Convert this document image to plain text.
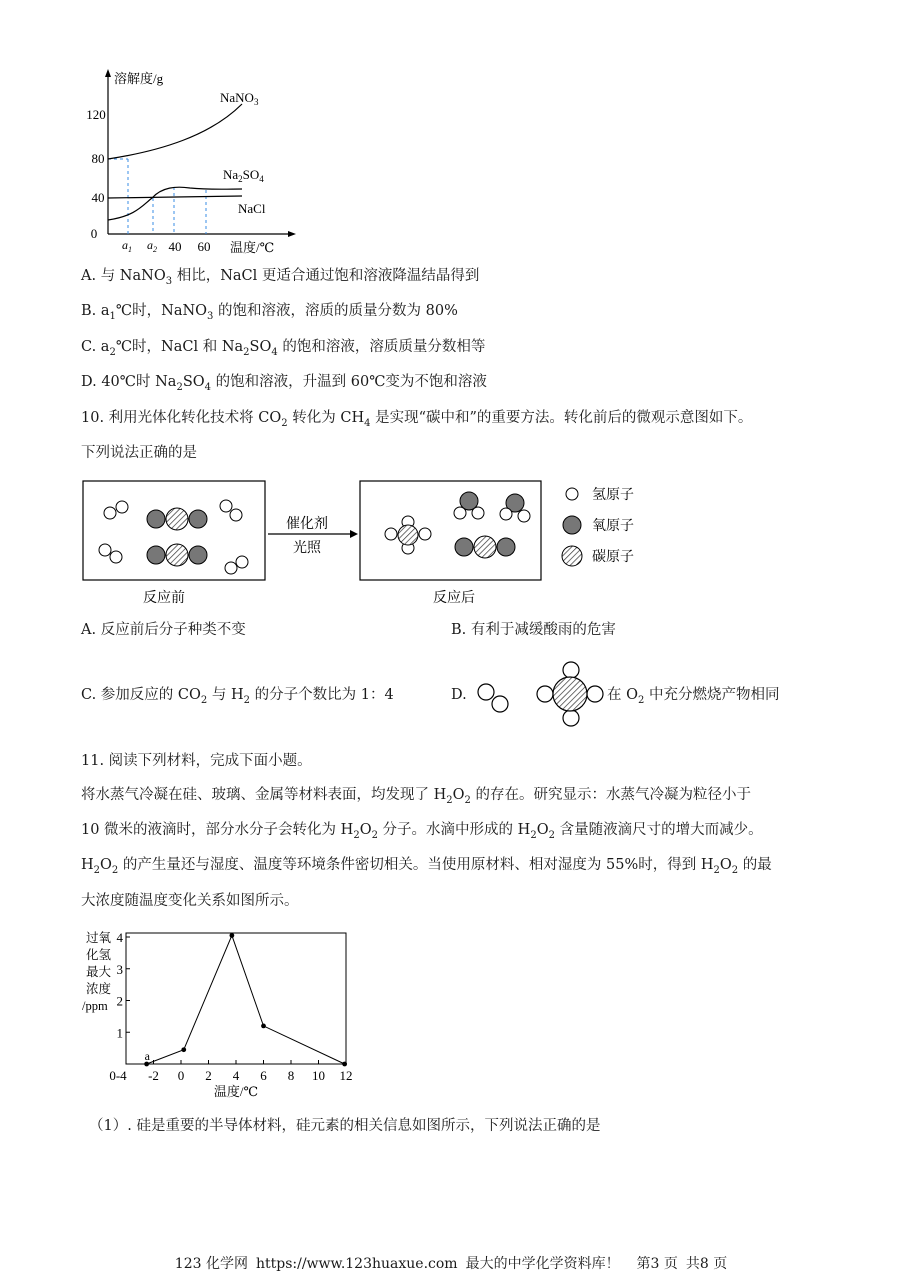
溶解度/g
温度/℃
0
40
80
120
$a_1$ $a_2$ 40 60
NaNO$_3$
$Na_2SO_4$
NaCl
A. 与 NaNO$_3$ 相比，NaCl 更适合通过饱和溶液降温结晶得到
B. $a_1℃$时，NaNO$_3$ 的饱和溶液，溶质的质量分数为 80%
C. $a_2℃$时，NaCl 和 $Na_2SO_4$ 的饱和溶液，溶质质量分数相等
D. 40℃时 $Na_2SO_4$ 的饱和溶液，升温到 60℃变为不饱和溶液
10. 利用光体化转化技术将 $CO_2$ 转化为 $CH_4$ 是实现“碳中和”的重要方法。转化前后的微观示意图如下。
下列说法正确的是
催化剂
光照
氢原子
氧原子
碳原子
反应前	反应后
A. 反应前后分子种类不变	B. 有利于减缓酸雨的危害
C. 参加反应的 $CO_2$ 与 $H_2$ 的分子个数比为 1：4	D.	在 $O_2$ 中充分燃烧产物相同
11. 阅读下列材料，完成下面小题。
将水蒸气冷凝在硅、玻璃、金属等材料表面，均发现了 $H_2O_2$ 的存在。研究显示：水蒸气冷凝为粒径小于
10 微米的液滴时，部分水分子会转化为 $H_2O_2$ 分子。水滴中形成的 $H_2O_2$ 含量随液滴尺寸的增大而减少。
$H_2O_2$ 的产生量还与湿度、温度等环境条件密切相关。当使用原材料、相对湿度为 55%时，得到 $H_2O_2$ 的最
大浓度随温度变化关系如图所示。
过氧
化氢
最大
浓度
/ppm
1
2
3
4
0-4 -2 0 2 4 6 8 10 12
a
温度/℃
（1）. 硅是重要的半导体材料，硅元素的相关信息如图所示，下列说法正确的是
123 化学网 https://www.123huaxue.com 最大的中学化学资料库！ 第3 页 共8 页
